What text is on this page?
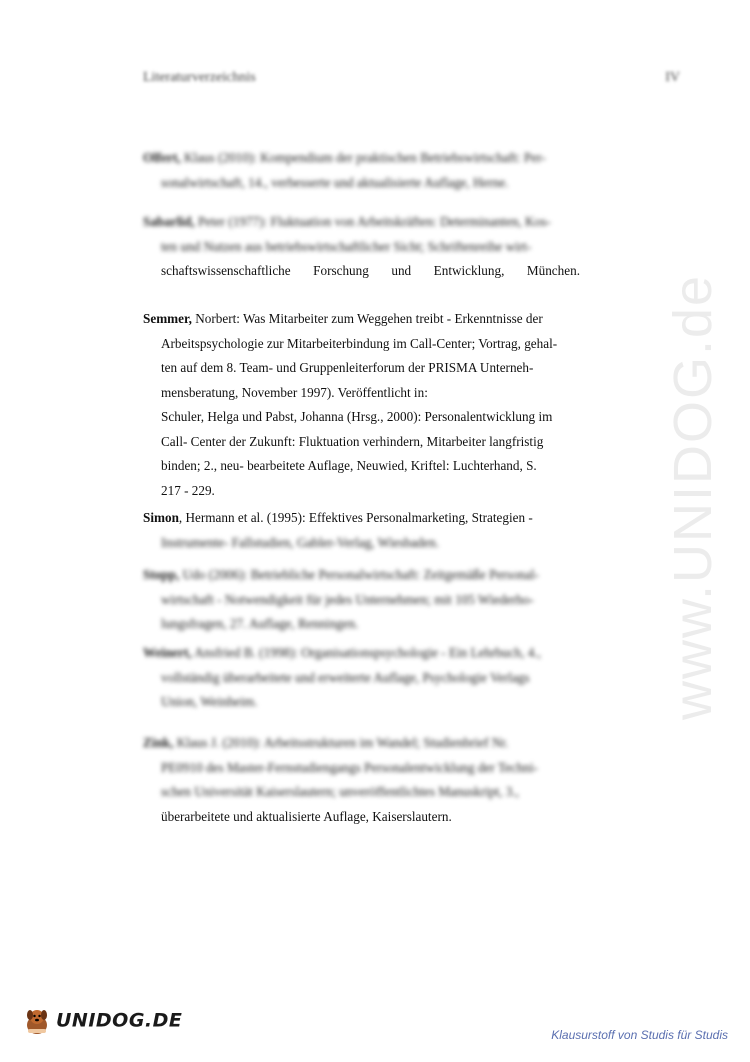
Literaturverzeichnis	IV
www.UNIDOG.de
Olfert, Klaus (2010): Kompendium der praktischen Betriebswirtschaft: Per-
sonalwirtschaft, 14., verbesserte und aktualisierte Auflage, Herne.
Sabarlid, Peter (1977): Fluktuation von Arbeitskräften: Determinanten, Kos-
ten und Nutzen aus betriebswirtschaftlicher Sicht; Schriftenreihe wirt-
schaftswissenschaftliche Forschung und Entwicklung, München.
Semmer, Norbert: Was Mitarbeiter zum Weggehen treibt - Erkenntnisse der
Arbeitspsychologie zur Mitarbeiterbindung im Call-Center; Vortrag, gehal-
ten auf dem 8. Team- und Gruppenleiterforum der PRISMA Unterneh-
mensberatung, November 1997). Veröffentlicht in:
Schuler, Helga und Pabst, Johanna (Hrsg., 2000): Personalentwicklung im
Call- Center der Zukunft: Fluktuation verhindern, Mitarbeiter langfristig
binden; 2., neu- bearbeitete Auflage, Neuwied, Kriftel: Luchterhand, S.
217 - 229.
Simon, Hermann et al. (1995): Effektives Personalmarketing, Strategien -
Instrumente- Fallstudien, Gabler-Verlag, Wiesbaden.
Stopp, Udo (2006): Betriebliche Personalwirtschaft: Zeitgemäße Personal-
wirtschaft - Notwendigkeit für jedes Unternehmen; mit 105 Wiederho-
lungsfragen, 27. Auflage, Renningen.
Weinert, Ansfried B. (1998): Organisationspsychologie - Ein Lehrbuch, 4.,
vollständig überarbeitete und erweiterte Auflage, Psychologie Verlags
Union, Weinheim.
Zink, Klaus J. (2010): Arbeitsstrukturen im Wandel; Studienbrief Nr.
PE0910 des Master-Fernstudiengangs Personalentwicklung der Techni-
schen Universität Kaiserslautern; unveröffentlichtes Manuskript, 3.,
überarbeitete und aktualisierte Auflage, Kaiserslautern.
UNIDOG.DE
Klausurstoff von Studis für Studis
